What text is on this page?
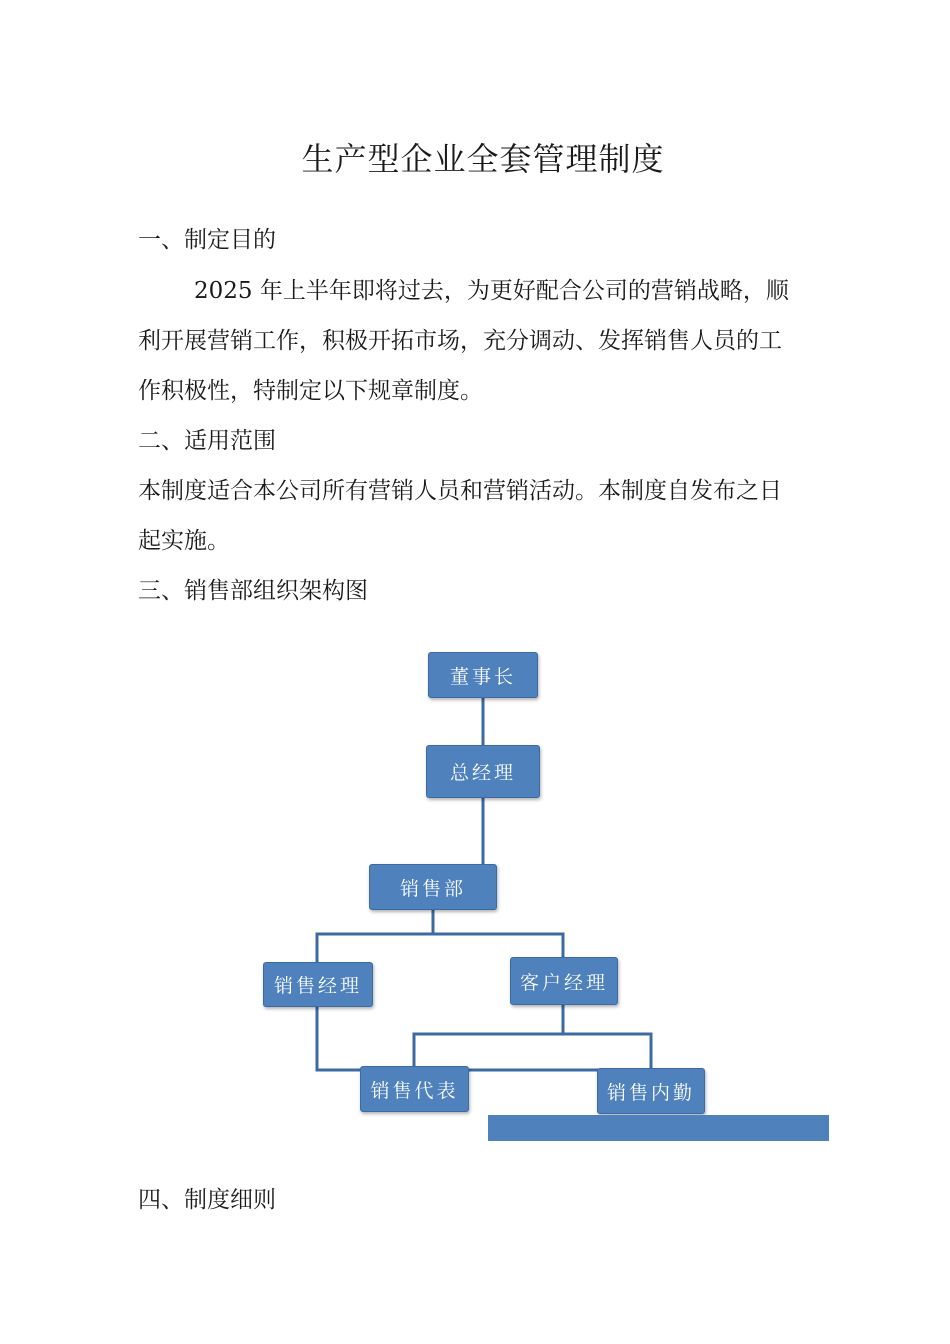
生产型企业全套管理制度
一、制定目的
2025 年上半年即将过去，为更好配合公司的营销战略，顺
利开展营销工作，积极开拓市场，充分调动、发挥销售人员的工
作积极性，特制定以下规章制度。
二、适用范围
本制度适合本公司所有营销人员和营销活动。本制度自发布之日
起实施。
三、销售部组织架构图
董事长
总经理
销售部
销售经理	客户经理
销售代表	销售内勤
四、制度细则
